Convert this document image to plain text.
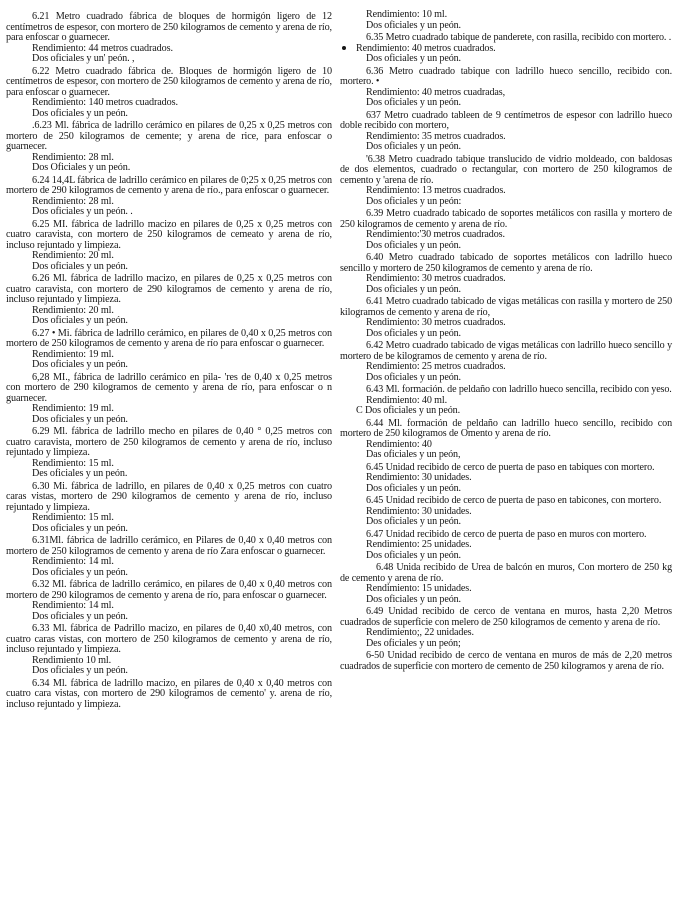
6.21 Metro cuadrado fábrica de bloques de hormigón ligero de 12 centímetros de espesor, con mortero de 250 kilogramos de cemento y arena de río, para enfoscar o guarnecer.

Rendimiento: 44 metros cuadrados.

Dos oficiales y un' peón. ,

6.22 Metro cuadrado fábrica de. Bloques de hormigón ligero de 10 centímetros de espesor, con mortero de 250 kilogramos de cemento y arena de río, para enfoscar o guarnecer.

Rendimiento: 140 metros cuadrados.

Dos oficiales y un peón.

.6.23 Ml. fábrica de ladrillo cerámico en pilares de 0,25 x 0,25 metros con mortero de 250 kilogramos de cemente; y arena de rice, para enfoscar o guarnecer.

Rendimiento: 28 ml.

Dos Oficiales y un peón.

6.24 14,4L fábrica de ladrillo cerámico en pilares de 0;25 x 0,25 metros con mortero de 290 kilogramos de cemento y arena de río., para enfoscar o guarnecer.

Rendimiento: 28 ml.

Dos oficiales y un peón. .

6.25 MI. fábrica de ladrillo macizo en pilares de 0,25 x 0,25 metros con cuatro caravista, con mortero de 250 kilogramos de cemeato y arena de río, incluso rejuntado y limpieza.

Rendimiento: 20 ml.

Dos oficiales y un peón.

6.26 Ml. fábrica de ladrillo macizo, en pilares de 0,25 x 0,25 metros con cuatro caravista, con mortero de 290 kilogramos de cemento y arena de río, incluso rejuntado y limpieza.

Rendimiento: 20 ml.

Dos oficiales y un peón.

6.27 • Mi. fábrica de ladrillo cerámico, en pilares de 0,40 x 0,25 metros con mortero de 250 kilogramos de cemento y arena de río para enfoscar o guarnecer.

Rendimiento: 19 ml.

Dos oficiales y un peón.

6,28 MI., fábrica de ladrillo cerámico en pila- 'res de 0,40 x 0,25 metros con mortero de 290 kilogramos de cemento y arena de río, para enfoscar o n guarnecer.

Rendimiento: 19 ml.

Dos oficiales y un peón.

6.29 Ml. fábrica de ladrillo mecho en pilares de 0,40 ° 0,25 metros con cuatro caravista, mortero de 250 kilogramos de cemento y arena de río, incluso rejuntado y limpieza.

Rendimiento: 15 ml.

Des oficiales y un peón.

6.30 Mi. fábrica de ladrillo, en pilares de 0,40 x 0,25 metros con cuatro caras vistas, mortero de 290 kilogramos de cemento y arena de río, incluso rejuntado y limpieza.

Rendimiento: 15 ml.

Dos oficiales y un peón.

6.31Ml. fábrica de ladrillo cerámico, en Pilares de 0,40 x 0,40 metros con mortero de 250 kilogramos de cemento y arena de río Zara enfoscar o guarnecer.

Rendimiento: 14 ml.

Dos oficiales y un peón.

6.32 Ml. fábrica de ladrillo cerámico, en pilares de 0,40 x 0,40 metros con mortero de 290 kilogramos de cemento y arena de río, para enfoscar o guarnecer.

Rendimiento: 14 ml.

Dos oficiales y un peón.

6.33 Ml. fábrica de Padrillo macizo, en pilares de 0,40 x0,40 metros, con cuatro caras vistas, con mortero de 250 kilogramos de cemento y arena de río, incluso rejuntado y limpieza.

Rendimiento 10 ml.

Dos oficiales y un peón.

6.34 Ml. fábrica de ladrillo macizo, en pilares de 0,40 x 0,40 metros con cuatro cara vistas, con mortero de 290 kilogramos de cemento' y. arena de río, incluso rejuntado y limpieza.

Rendimiento: 10 ml.

Dos oficiales y un peón.

6.35 Metro cuadrado tabique de panderete, con rasilla, recibido con mortero. .

Rendimiento: 40 metros cuadrados.

Dos oficiales y un peón.

6.36 Metro cuadrado tabique con ladrillo hueco sencillo, recibido con. mortero. •

Rendimiento: 40 metros cuadradas,

Dos oficiales y un peón.

637 Metro cuadrado tableen de 9 centímetros de espesor con ladrillo hueco doble recibido con mortero,

Rendimiento: 35 metros cuadrados.

Dos oficiales y un peón.

'6.38 Metro cuadrado tabique translucido de vidrio moldeado, con baldosas de dos elementos, cuadrado o rectangular, con mortero de 250 kilogramos de cemento y 'arena de río.

Rendimiento: 13 metros cuadrados.

Dos oficiales y un peón:

6.39 Metro cuadrado tabicado de soportes metálicos con rasilla y mortero de 250 kilogramos de cemento y arena de río.

Rendimiento:'30 metros cuadrados.

Dos oficiales y un peón.

6.40 Metro cuadrado tabicado de soportes metálicos con ladrillo hueco sencillo y mortero de 250 kilogramos de cemento y arena de río.

Rendimiento: 30 metros cuadrados.

Dos oficiales y un peón.

6.41 Metro cuadrado tabicado de vigas metálicas con rasilla y mortero de 250 kilogramos de cemento y arena de río,

Rendimiento: 30 metros cuadrados.

Dos oficiales y un peón.

6.42 Metro cuadrado tabicado de vigas metálicas con ladrillo hueco sencillo y mortero de be kilogramos de cemento y arena de río.

Rendimiento: 25 metros cuadrados.

Dos oficiales y un peón.

6.43 Ml. formación. de peldaño con ladrillo hueco sencilla, recibido con yeso.

Rendimiento: 40 ml.

C Dos oficiales y un peón.

6.44 Ml. formación de peldaño can ladrillo hueco sencillo, recibido con mortero de 250 kilogramos de Omento y arena de río.

Rendimiento: 40

Das oficiales y un peón,

6.45 Unidad recibido de cerco de puerta de paso en tabiques con mortero.

Rendimiento: 30 unidades.

Dos oficiales y un peón.

6.45 Unidad recibido de cerco de puerta de paso en tabicones, con mortero.

Rendimiento: 30 unidades.

Dos oficiales y un peón.

6.47 Unidad recibido de cerco de puerta de paso en muros con mortero.

Rendimiento: 25 unidades.

Dos oficiales y un peón.

6.48 Unida recibido de Urea de balcón en muros, Con mortero de 250 kg de cemento y arena de río.

Rendimiento: 15 unidades.

Dos oficiales y un peón.

6.49 Unidad recibido de cerco de ventana en muros, hasta 2,20 Metros cuadrados de superficie con melero de 250 kilogramos de cemento y arena de río.

Rendimiento;, 22 unidades.

Des oficiales y un peón;

6-50 Unidad recibido de cerco de ventana en muros de más de 2,20 metros cuadrados de superficie con mortero de cemento de 250 kilogramos y arena de río.
